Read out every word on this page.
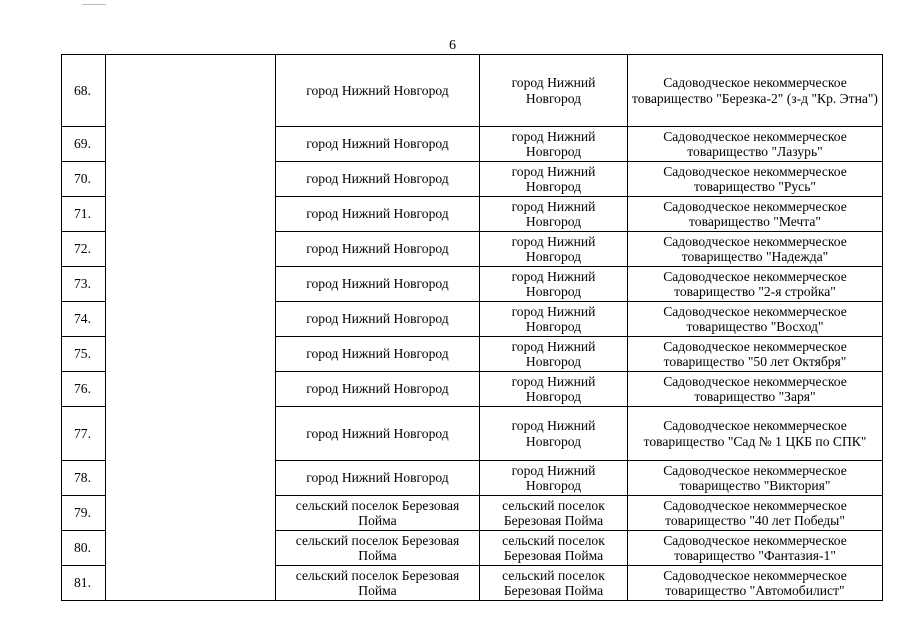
6
68.		город Нижний Новгород	город Нижний Новгород	Садоводческое некоммерческое товарищество "Березка-2" (з-д "Кр. Этна")
69.		город Нижний Новгород	город Нижний Новгород	Садоводческое некоммерческое товарищество "Лазурь"
70.		город Нижний Новгород	город Нижний Новгород	Садоводческое некоммерческое товарищество "Русь"
71.		город Нижний Новгород	город Нижний Новгород	Садоводческое некоммерческое товарищество "Мечта"
72.		город Нижний Новгород	город Нижний Новгород	Садоводческое некоммерческое товарищество "Надежда"
73.		город Нижний Новгород	город Нижний Новгород	Садоводческое некоммерческое товарищество "2-я стройка"
74.		город Нижний Новгород	город Нижний Новгород	Садоводческое некоммерческое товарищество "Восход"
75.		город Нижний Новгород	город Нижний Новгород	Садоводческое некоммерческое товарищество "50 лет Октября"
76.		город Нижний Новгород	город Нижний Новгород	Садоводческое некоммерческое товарищество "Заря"
77.		город Нижний Новгород	город Нижний Новгород	Садоводческое некоммерческое товарищество "Сад № 1 ЦКБ по СПК"
78.		город Нижний Новгород	город Нижний Новгород	Садоводческое некоммерческое товарищество "Виктория"
79.		сельский поселок Березовая Пойма	сельский поселок Березовая Пойма	Садоводческое некоммерческое товарищество "40 лет Победы"
80.		сельский поселок Березовая Пойма	сельский поселок Березовая Пойма	Садоводческое некоммерческое товарищество "Фантазия-1"
81.		сельский поселок Березовая Пойма	сельский поселок Березовая Пойма	Садоводческое некоммерческое товарищество "Автомобилист"
